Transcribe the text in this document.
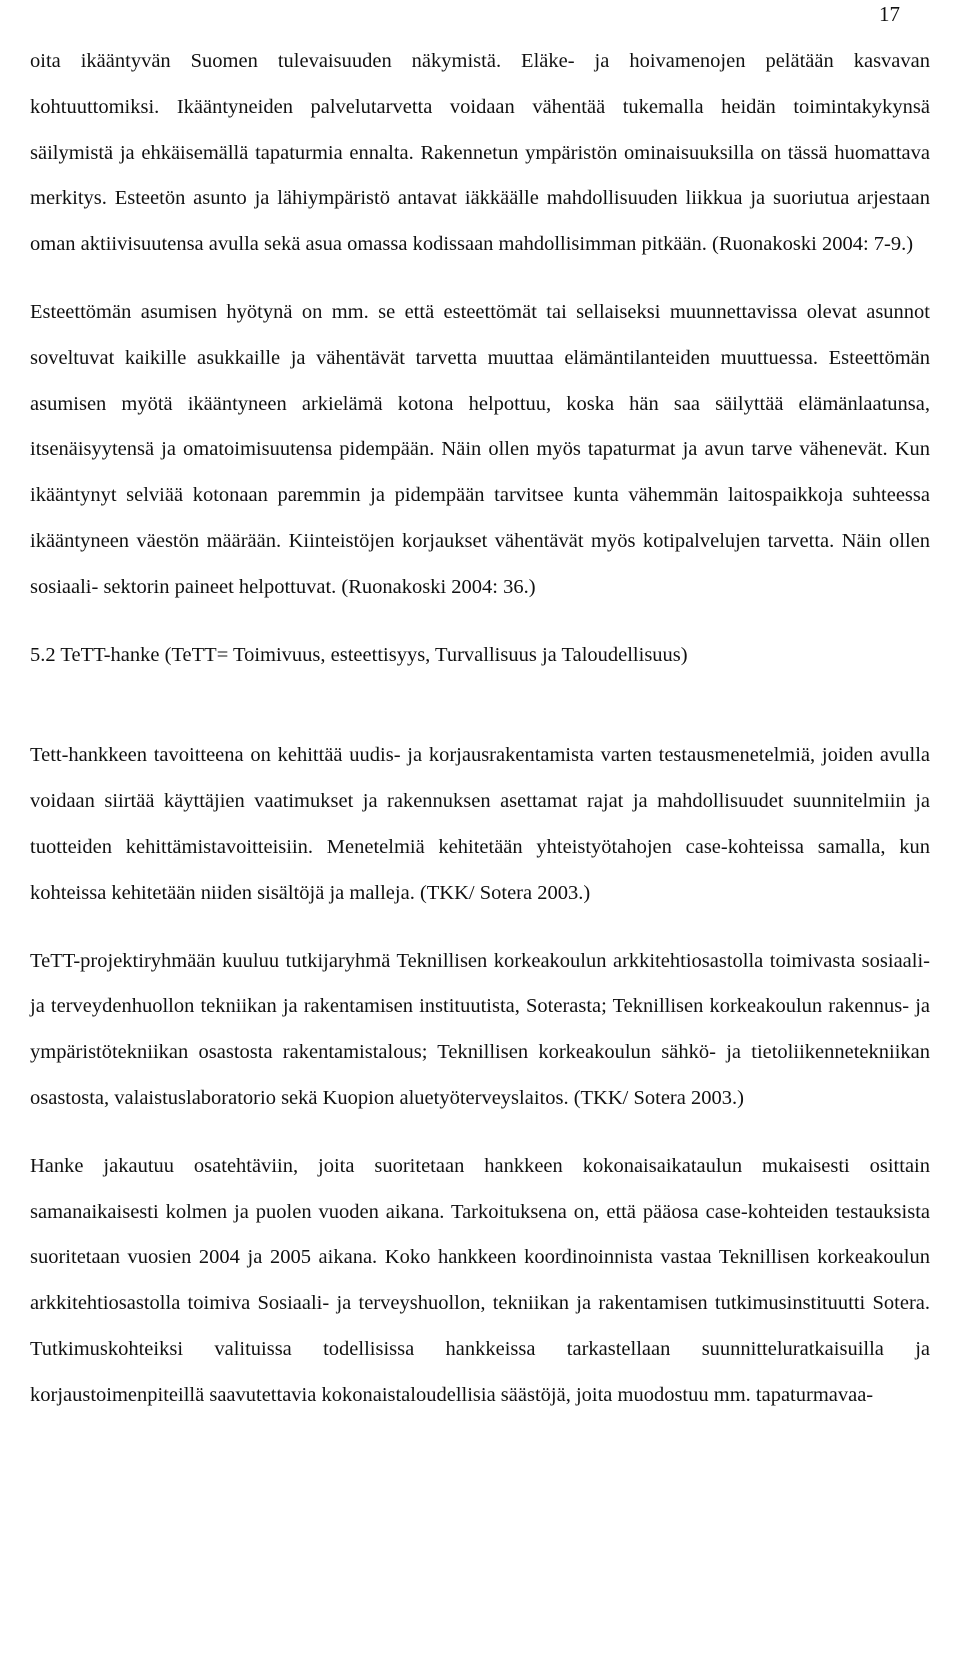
17

oita ikääntyvän Suomen tulevaisuuden näkymistä. Eläke- ja hoivamenojen pelätään kasvavan kohtuuttomiksi. Ikääntyneiden palvelutarvetta voidaan vähentää tukemalla heidän toimintakykynsä säilymistä ja ehkäisemällä tapaturmia ennalta. Rakennetun ympäristön ominaisuuksilla on tässä huomattava merkitys. Esteetön asunto ja lähiympäristö antavat iäkkäälle mahdollisuuden liikkua ja suoriutua arjestaan oman aktiivisuutensa avulla sekä asua omassa kodissaan mahdollisimman pitkään. (Ruonakoski 2004: 7-9.)

Esteettömän asumisen hyötynä on mm. se että esteettömät tai sellaiseksi muunnettavissa olevat asunnot soveltuvat kaikille asukkaille ja vähentävät tarvetta muuttaa elämäntilanteiden muuttuessa. Esteettömän asumisen myötä ikääntyneen arkielämä kotona helpottuu, koska hän saa säilyttää elämänlaatunsa, itsenäisyytensä ja omatoimisuutensa pidempään. Näin ollen myös tapaturmat ja avun tarve vähenevät. Kun ikääntynyt selviää kotonaan paremmin ja pidempään tarvitsee kunta vähemmän laitospaikkoja suhteessa ikääntyneen väestön määrään. Kiinteistöjen korjaukset vähentävät myös kotipalvelujen tarvetta. Näin ollen sosiaali- sektorin paineet helpottuvat. (Ruonakoski 2004: 36.)

5.2 TeTT-hanke (TeTT= Toimivuus, esteettisyys, Turvallisuus ja Taloudellisuus)

Tett-hankkeen tavoitteena on kehittää uudis- ja korjausrakentamista varten testausmenetelmiä, joiden avulla voidaan siirtää käyttäjien vaatimukset ja rakennuksen asettamat rajat ja mahdollisuudet suunnitelmiin ja tuotteiden kehittämistavoitteisiin. Menetelmiä kehitetään yhteistyötahojen case-kohteissa samalla, kun kohteissa kehitetään niiden sisältöjä ja malleja. (TKK/ Sotera 2003.)

TeTT-projektiryhmään kuuluu tutkijaryhmä Teknillisen korkeakoulun arkkitehtiosastolla toimivasta sosiaali- ja terveydenhuollon tekniikan ja rakentamisen instituutista, Soterasta; Teknillisen korkeakoulun rakennus- ja ympäristötekniikan osastosta rakentamistalous; Teknillisen korkeakoulun sähkö- ja tietoliikennetekniikan osastosta, valaistuslaboratorio sekä Kuopion aluetyöterveyslaitos. (TKK/ Sotera 2003.)

Hanke jakautuu osatehtäviin, joita suoritetaan hankkeen kokonaisaikataulun mukaisesti osittain samanaikaisesti kolmen ja puolen vuoden aikana. Tarkoituksena on, että pääosa case-kohteiden testauksista suoritetaan vuosien 2004 ja 2005 aikana. Koko hankkeen koordinoinnista vastaa Teknillisen korkeakoulun arkkitehtiosastolla toimiva Sosiaali- ja terveyshuollon, tekniikan ja rakentamisen tutkimusinstituutti Sotera. Tutkimuskohteiksi valituissa todellisissa hankkeissa tarkastellaan suunnitteluratkaisuilla ja korjaustoimenpiteillä saavutettavia kokonaistaloudellisia säästöjä, joita muodostuu mm. tapaturmavaa-
